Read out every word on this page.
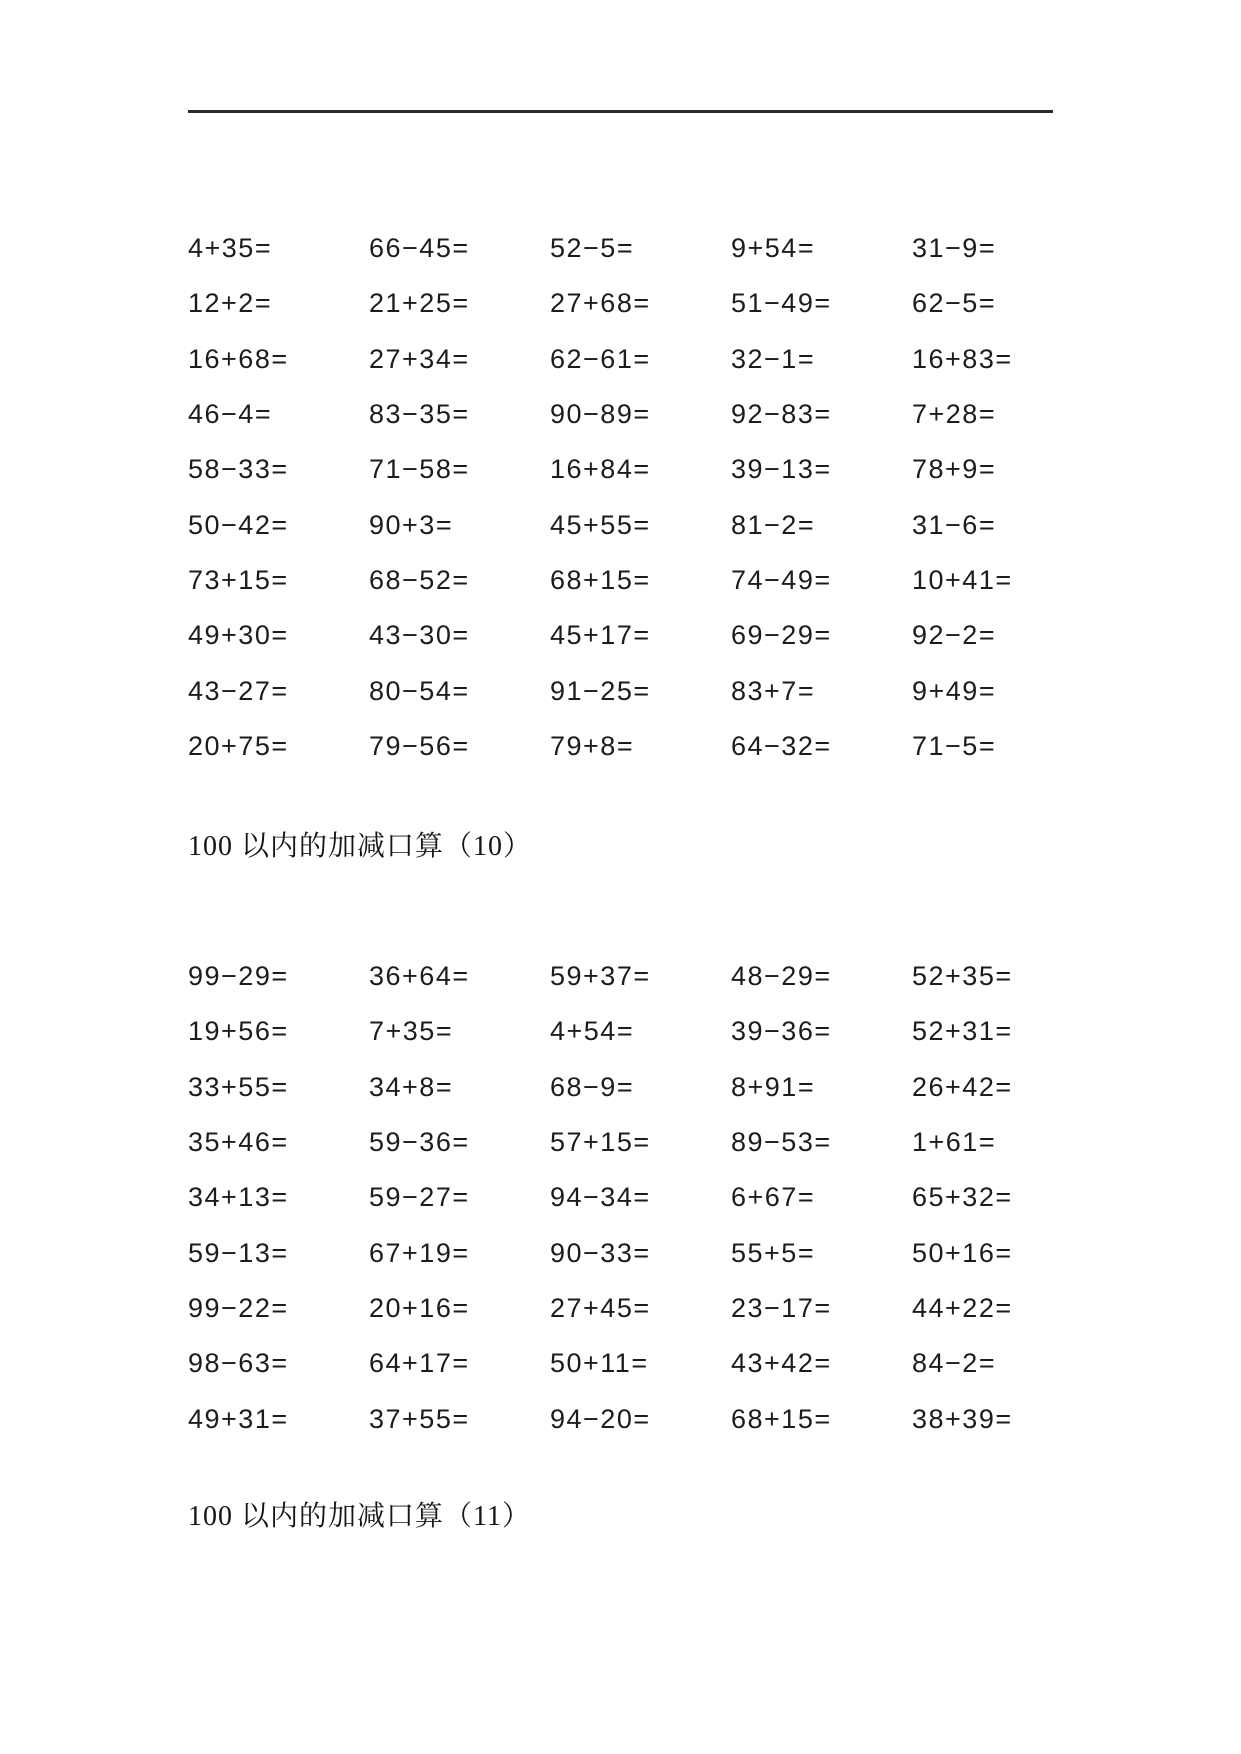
4+35=	66−45=	52−5=	9+54=	31−9=
12+2=	21+25=	27+68=	51−49=	62−5=
16+68=	27+34=	62−61=	32−1=	16+83=
46−4=	83−35=	90−89=	92−83=	7+28=
58−33=	71−58=	16+84=	39−13=	78+9=
50−42=	90+3=	45+55=	81−2=	31−6=
73+15=	68−52=	68+15=	74−49=	10+41=
49+30=	43−30=	45+17=	69−29=	92−2=
43−27=	80−54=	91−25=	83+7=	9+49=
20+75=	79−56=	79+8=	64−32=	71−5=
100 以内的加减口算（10）
99−29=	36+64=	59+37=	48−29=	52+35=
19+56=	7+35=	4+54=	39−36=	52+31=
33+55=	34+8=	68−9=	8+91=	26+42=
35+46=	59−36=	57+15=	89−53=	1+61=
34+13=	59−27=	94−34=	6+67=	65+32=
59−13=	67+19=	90−33=	55+5=	50+16=
99−22=	20+16=	27+45=	23−17=	44+22=
98−63=	64+17=	50+11=	43+42=	84−2=
49+31=	37+55=	94−20=	68+15=	38+39=
100 以内的加减口算（11）
